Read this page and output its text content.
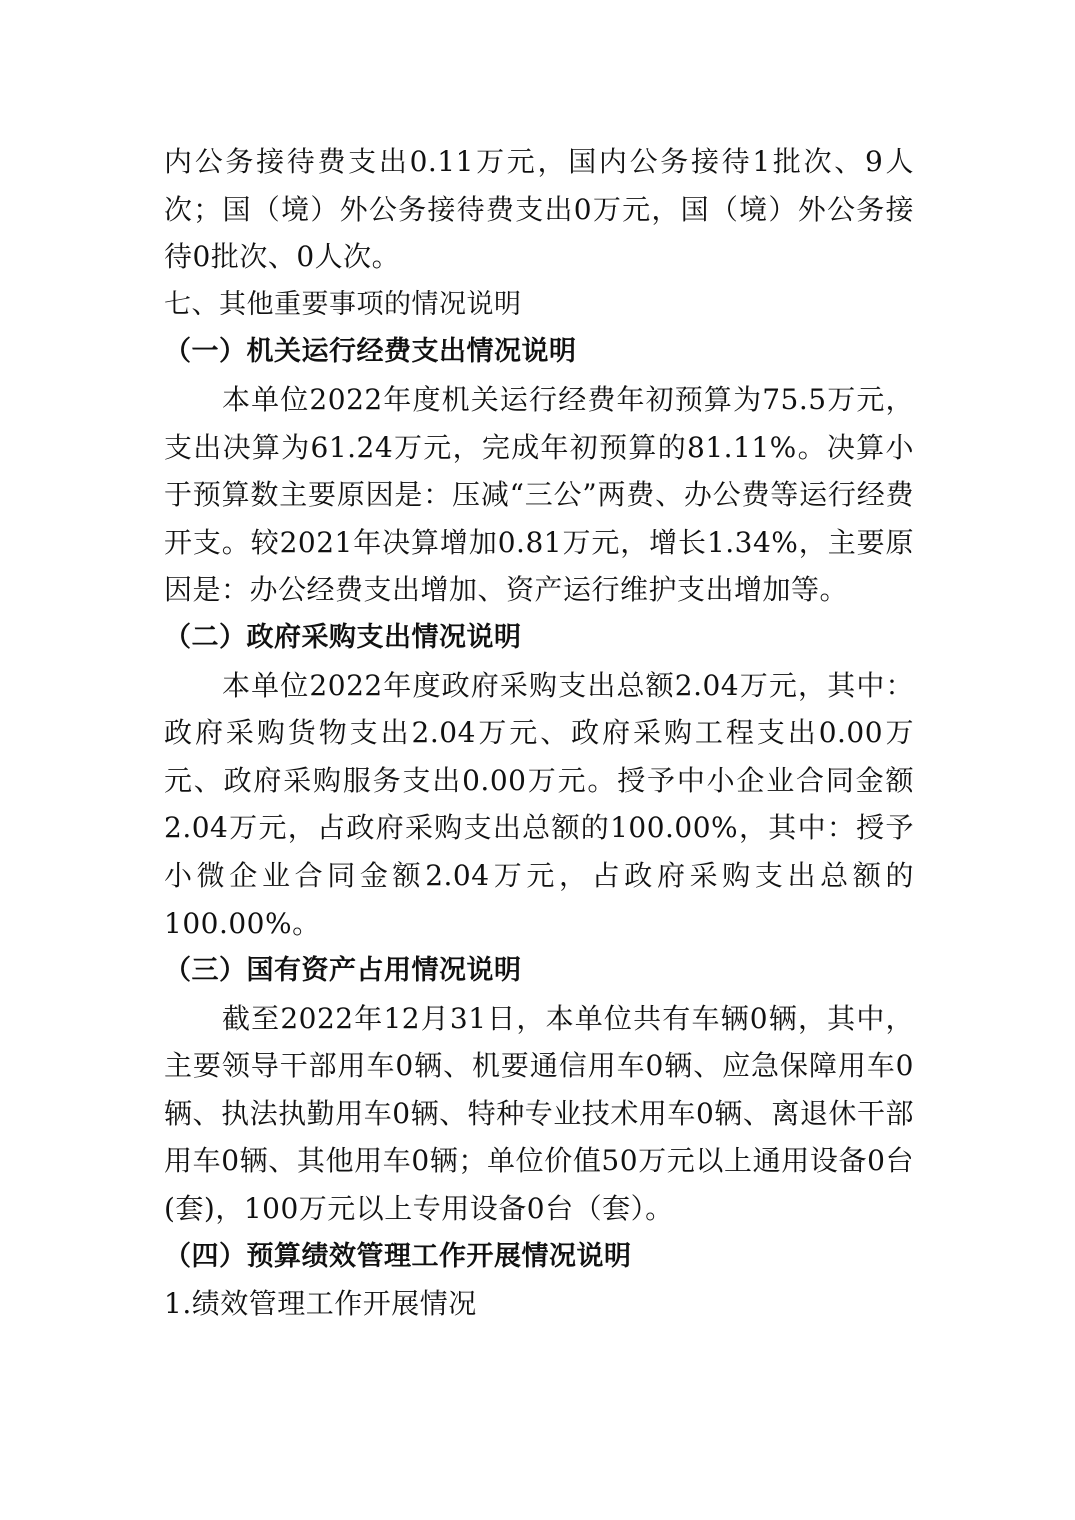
内公务接待费支出0.11万元，国内公务接待1批次、9人次；国（境）外公务接待费支出0万元，国（境）外公务接待0批次、0人次。

七、其他重要事项的情况说明

（一）机关运行经费支出情况说明

本单位2022年度机关运行经费年初预算为75.5万元，支出决算为61.24万元，完成年初预算的81.11%。决算小于预算数主要原因是：压减“三公”两费、办公费等运行经费开支。较2021年决算增加0.81万元，增长1.34%，主要原因是：办公经费支出增加、资产运行维护支出增加等。

（二）政府采购支出情况说明

本单位2022年度政府采购支出总额2.04万元，其中：政府采购货物支出2.04万元、政府采购工程支出0.00万元、政府采购服务支出0.00万元。授予中小企业合同金额2.04万元，占政府采购支出总额的100.00%，其中：授予小微企业合同金额2.04万元，占政府采购支出总额的100.00%。

（三）国有资产占用情况说明

截至2022年12月31日，本单位共有车辆0辆，其中，主要领导干部用车0辆、机要通信用车0辆、应急保障用车0辆、执法执勤用车0辆、特种专业技术用车0辆、离退休干部用车0辆、其他用车0辆；单位价值50万元以上通用设备0台(套)，100万元以上专用设备0台（套）。

（四）预算绩效管理工作开展情况说明

1.绩效管理工作开展情况
